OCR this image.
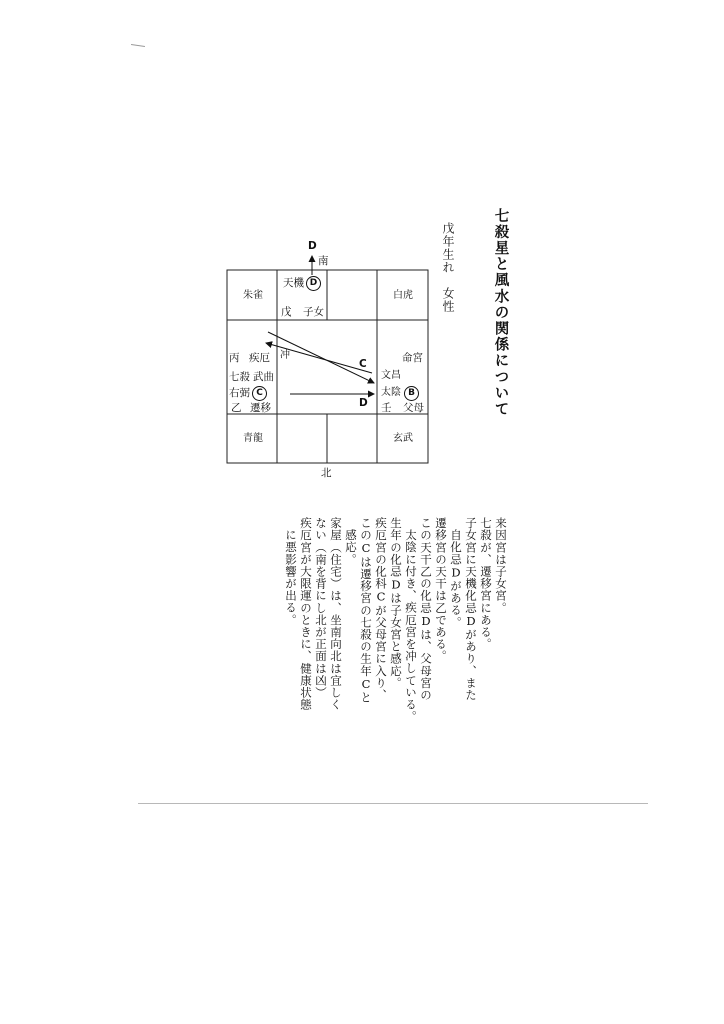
七殺星と風水の関係について
戊年生れ　女性
D
南
北
朱雀	白虎
青龍	玄武
天機 D
戊 子女
丙 疾厄 冲
C
D
七殺 武曲
右弼 C
乙 遷移
命宮
文昌
太陰 B
壬 父母
来因宮は子女宮。
七殺が、遷移宮にある。
子女宮に天機化忌Dがあり、また
自化忌Dがある。
遷移宮の天干は乙である。
この天干乙の化忌Dは、父母宮の
太陰に付き、疾厄宮を冲している。
生年の化忌Dは子女宮と感応。
疾厄宮の化科Cが父母宮に入り、
このCは遷移宮の七殺の生年Cと
感応。
家屋（住宅）は、坐南向北は宜しく
ない（南を背にし北が正面は凶）
疾厄宮が大限運のときに、健康状態
に悪影響が出る。
